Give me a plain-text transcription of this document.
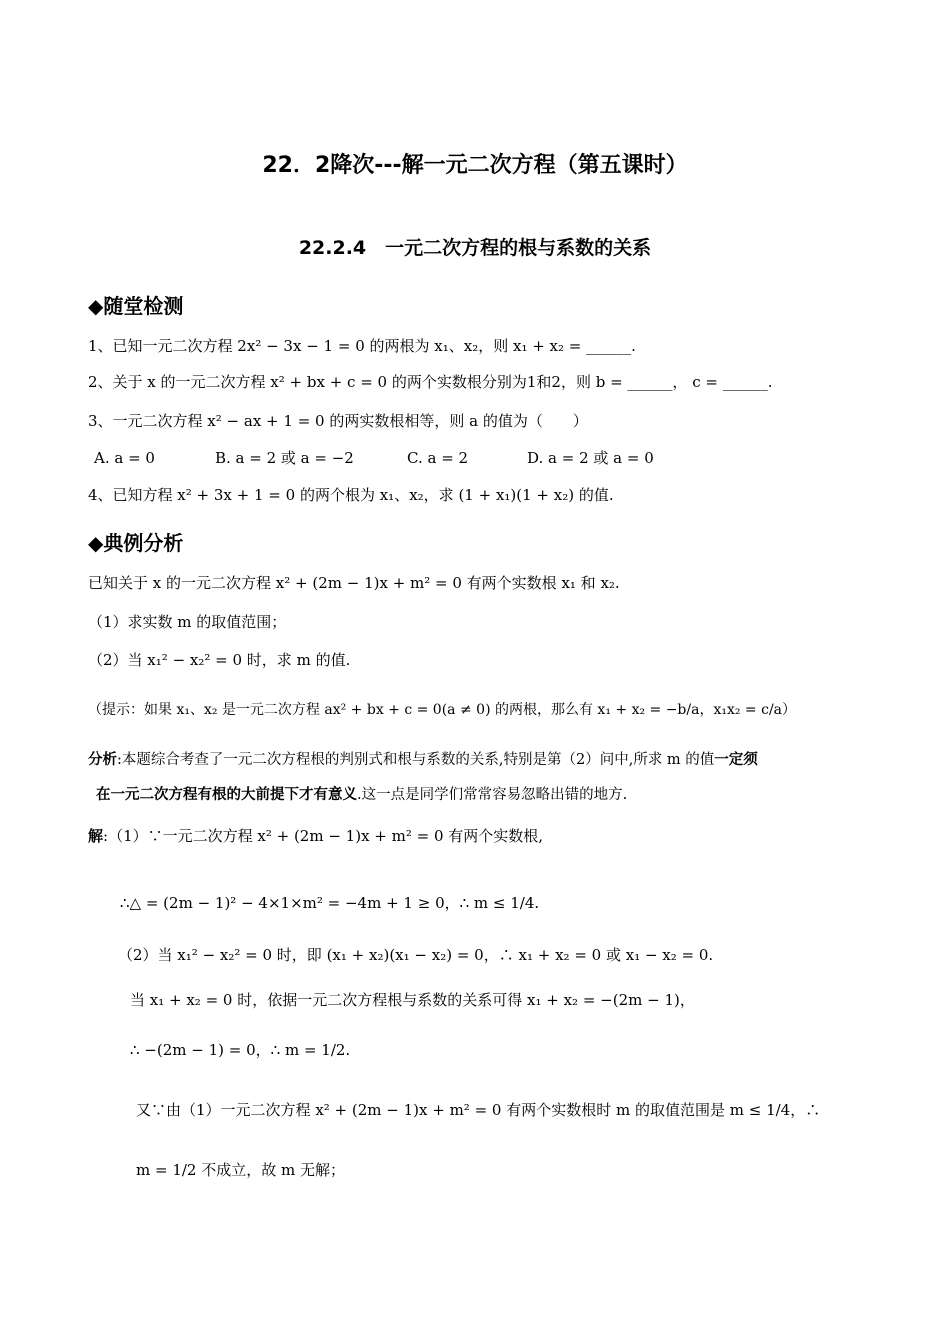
22．2降次---解一元二次方程（第五课时）
22.2.4　一元二次方程的根与系数的关系
◆随堂检测
1、已知一元二次方程 2x² − 3x − 1 = 0 的两根为 x₁、x₂，则 x₁ + x₂ = ______.
2、关于 x 的一元二次方程 x² + bx + c = 0 的两个实数根分别为1和2，则 b = ______， c = ______.
3、一元二次方程 x² − ax + 1 = 0 的两实数根相等，则 a 的值为（　　）
A. a = 0	B. a = 2 或 a = −2	C. a = 2	D. a = 2 或 a = 0
4、已知方程 x² + 3x + 1 = 0 的两个根为 x₁、x₂，求 (1 + x₁)(1 + x₂) 的值.
◆典例分析
已知关于 x 的一元二次方程 x² + (2m − 1)x + m² = 0 有两个实数根 x₁ 和 x₂.
（1）求实数 m 的取值范围；
（2）当 x₁² − x₂² = 0 时，求 m 的值.
（提示：如果 x₁、x₂ 是一元二次方程 ax² + bx + c = 0(a ≠ 0) 的两根，那么有 x₁ + x₂ = −b/a，x₁x₂ = c/a）
分析:本题综合考查了一元二次方程根的判别式和根与系数的关系,特别是第（2）问中,所求 m 的值一定须
在一元二次方程有根的大前提下才有意义.这一点是同学们常常容易忽略出错的地方.
解:（1）∵一元二次方程 x² + (2m − 1)x + m² = 0 有两个实数根,
∴△ = (2m − 1)² − 4×1×m² = −4m + 1 ≥ 0，∴ m ≤ 1/4.
（2）当 x₁² − x₂² = 0 时，即 (x₁ + x₂)(x₁ − x₂) = 0，∴ x₁ + x₂ = 0 或 x₁ − x₂ = 0.
当 x₁ + x₂ = 0 时，依据一元二次方程根与系数的关系可得 x₁ + x₂ = −(2m − 1)，
∴ −(2m − 1) = 0，∴ m = 1/2.
又∵由（1）一元二次方程 x² + (2m − 1)x + m² = 0 有两个实数根时 m 的取值范围是 m ≤ 1/4，∴
m = 1/2 不成立，故 m 无解；
